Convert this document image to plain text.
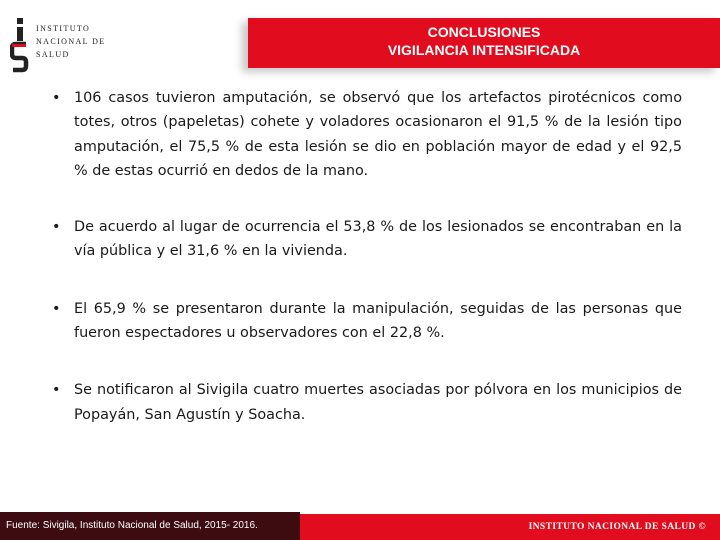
INSTITUTO
NACIONAL DE
SALUD
CONCLUSIONES
VIGILANCIA INTENSIFICADA

• 106 casos tuvieron amputación, se observó que los artefactos pirotécnicos como totes, otros (papeletas) cohete y voladores ocasionaron el 91,5 % de la lesión tipo amputación, el 75,5 % de esta lesión se dio en población mayor de edad y el 92,5 % de estas ocurrió en dedos de la mano.

• De acuerdo al lugar de ocurrencia el 53,8 % de los lesionados se encontraban en la vía pública y el 31,6 % en la vivienda.

• El 65,9 % se presentaron durante la manipulación, seguidas de las personas que fueron espectadores u observadores con el 22,8 %.

• Se notificaron al Sivigila cuatro muertes asociadas por pólvora en los municipios de Popayán, San Agustín y Soacha.

Fuente: Sivigila, Instituto Nacional de Salud, 2015- 2016.	INSTITUTO NACIONAL DE SALUD ©
